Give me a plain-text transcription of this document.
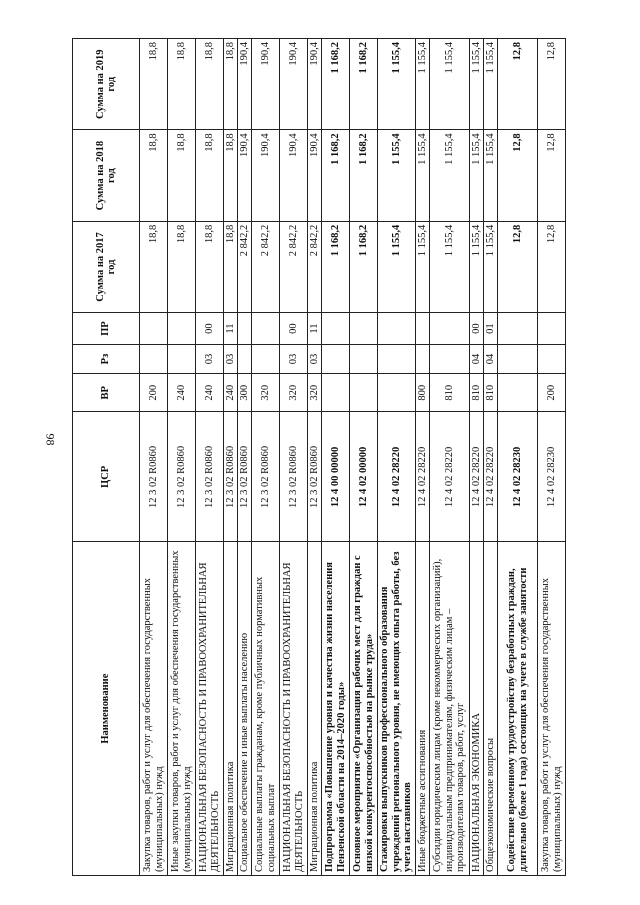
98
Наименование	ЦСР	ВР	Рз	ПР	Сумма на 2017 год	Сумма на 2018 год	Сумма на 2019 год
Закупка товаров, работ и услуг для обеспечения государственных (муниципальных) нужд	12 3 02 R0860	200			18,8	18,8	18,8
Иные закупки товаров, работ и услуг для обеспечения государственных (муниципальных) нужд	12 3 02 R0860	240			18,8	18,8	18,8
НАЦИОНАЛЬНАЯ БЕЗОПАСНОСТЬ И ПРАВООХРАНИТЕЛЬНАЯ ДЕЯТЕЛЬНОСТЬ	12 3 02 R0860	240	03	00	18,8	18,8	18,8
Миграционная политика	12 3 02 R0860	240	03	11	18,8	18,8	18,8
Социальное обеспечение и иные выплаты населению	12 3 02 R0860	300			2 842,2	190,4	190,4
Социальные выплаты гражданам, кроме публичных нормативных социальных выплат	12 3 02 R0860	320			2 842,2	190,4	190,4
НАЦИОНАЛЬНАЯ БЕЗОПАСНОСТЬ И ПРАВООХРАНИТЕЛЬНАЯ ДЕЯТЕЛЬНОСТЬ	12 3 02 R0860	320	03	00	2 842,2	190,4	190,4
Миграционная политика	12 3 02 R0860	320	03	11	2 842,2	190,4	190,4
Подпрограмма «Повышение уровня и качества жизни населения Пензенской области на 2014–2020 годы»	12 4 00 00000				1 168,2	1 168,2	1 168,2
Основное мероприятие «Организация рабочих мест для граждан с низкой конкурентоспособностью на рынке труда»	12 4 02 00000				1 168,2	1 168,2	1 168,2
Стажировки выпускников профессионального образования учреждений регионального уровня, не имеющих опыта работы, без учета наставников	12 4 02 28220				1 155,4	1 155,4	1 155,4
Иные бюджетные ассигнования	12 4 02 28220	800			1 155,4	1 155,4	1 155,4
Субсидии юридическим лицам (кроме некоммерческих организаций), индивидуальным предпринимателям, физическим лицам – производителям товаров, работ, услуг	12 4 02 28220	810			1 155,4	1 155,4	1 155,4
НАЦИОНАЛЬНАЯ ЭКОНОМИКА	12 4 02 28220	810	04	00	1 155,4	1 155,4	1 155,4
Общеэкономические вопросы	12 4 02 28220	810	04	01	1 155,4	1 155,4	1 155,4
Содействие временному трудоустройству безработных граждан, длительно (более 1 года) состоящих на учете в службе занятости	12 4 02 28230				12,8	12,8	12,8
Закупка товаров, работ и услуг для обеспечения государственных (муниципальных) нужд	12 4 02 28230	200			12,8	12,8	12,8
